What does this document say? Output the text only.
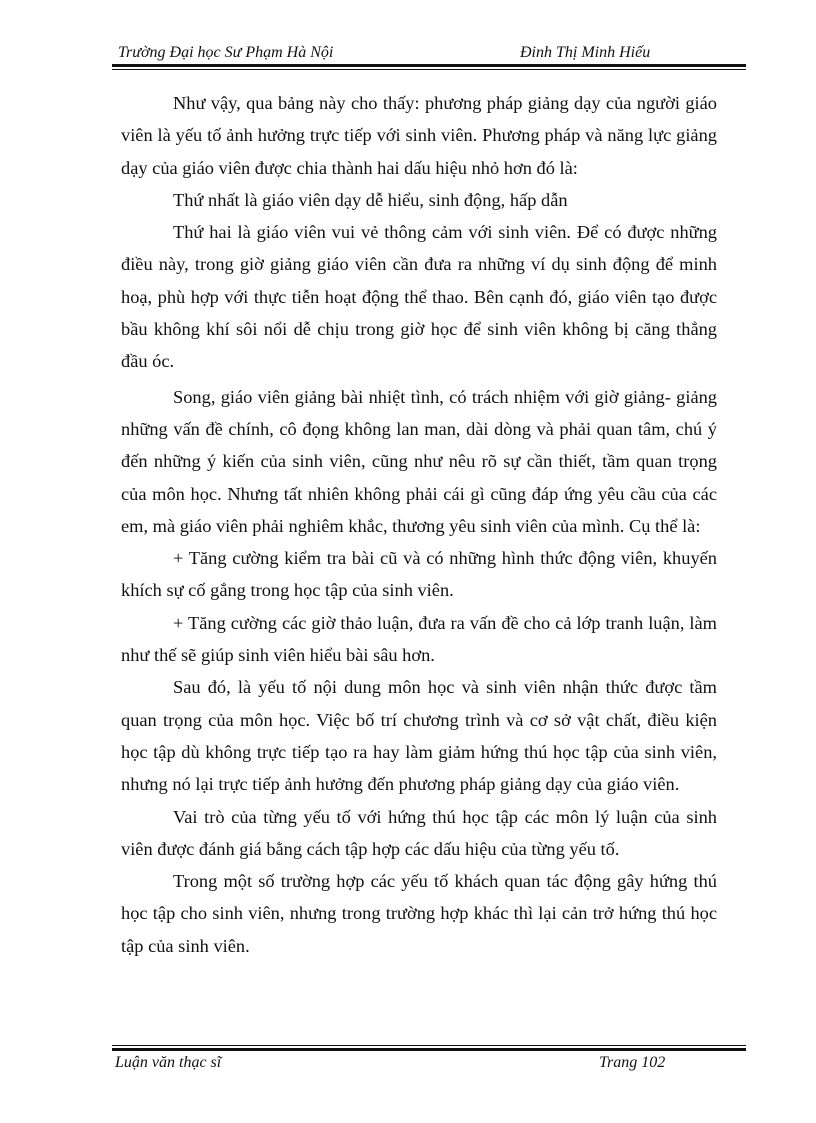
Trường Đại học Sư Phạm Hà Nội	Đinh Thị Minh Hiếu

Như vậy, qua bảng này cho thấy: phương pháp giảng dạy của người giáo viên là yếu tố ảnh hưởng trực tiếp với sinh viên. Phương pháp và năng lực giảng dạy của giáo viên được chia thành hai dấu hiệu nhỏ hơn đó là:

Thứ nhất là giáo viên dạy dễ hiểu, sinh động, hấp dẫn

Thứ hai là giáo viên vui vẻ thông cảm với sinh viên. Để có được những điều này, trong giờ giảng giáo viên cần đưa ra những ví dụ sinh động để minh hoạ, phù hợp với thực tiễn hoạt động thể thao. Bên cạnh đó, giáo viên tạo được bầu không khí sôi nổi dễ chịu trong giờ học để sinh viên không bị căng thẳng đầu óc.

Song, giáo viên giảng bài nhiệt tình, có trách nhiệm với giờ giảng- giảng những vấn đề chính, cô đọng không lan man, dài dòng và phải quan tâm, chú ý đến những ý kiến của sinh viên, cũng như nêu rõ sự cần thiết, tầm quan trọng của môn học. Nhưng tất nhiên không phải cái gì cũng đáp ứng yêu cầu của các em, mà giáo viên phải nghiêm khắc, thương yêu sinh viên của mình. Cụ thể là:

+ Tăng cường kiểm tra bài cũ và có những hình thức động viên, khuyến khích sự cố gắng trong học tập của sinh viên.

+ Tăng cường các giờ thảo luận, đưa ra vấn đề cho cả lớp tranh luận, làm như thế sẽ giúp sinh viên hiểu bài sâu hơn.

Sau đó, là yếu tố nội dung môn học và sinh viên nhận thức được tầm quan trọng của môn học. Việc bố trí chương trình và cơ sở vật chất, điều kiện học tập dù không trực tiếp tạo ra hay làm giảm hứng thú học tập của sinh viên, nhưng nó lại trực tiếp ảnh hưởng đến phương pháp giảng dạy của giáo viên.

Vai trò của từng yếu tố với hứng thú học tập các môn lý luận của sinh viên được đánh giá bằng cách tập hợp các dấu hiệu của từng yếu tố.

Trong một số trường hợp các yếu tố khách quan tác động gây hứng thú học tập cho sinh viên, nhưng trong trường hợp khác thì lại cản trở hứng thú học tập của sinh viên.

Luận văn thạc sĩ	Trang 102
